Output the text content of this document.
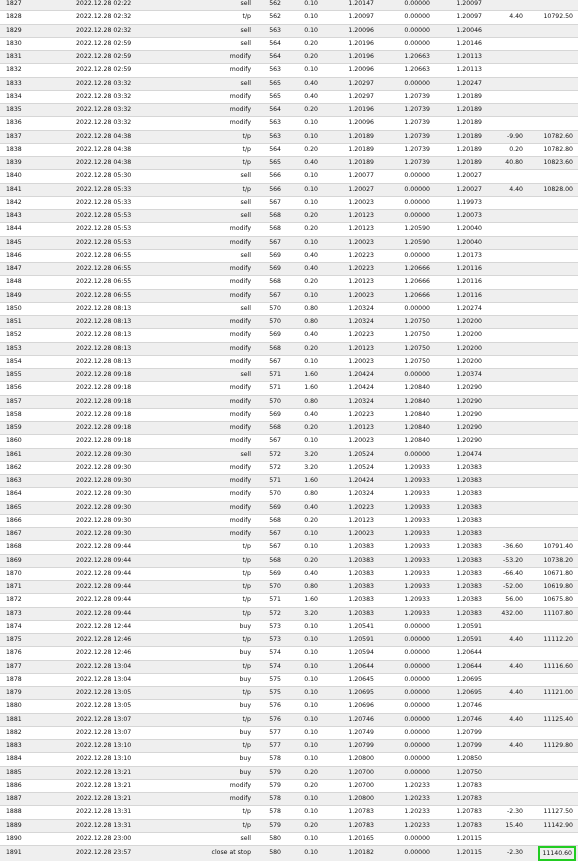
1827	2022.12.28 02:22	sell	562	0.10	1.20147	0.00000	1.20097		
1828	2022.12.28 02:32	t/p	562	0.10	1.20097	0.00000	1.20097	4.40	10792.50
1829	2022.12.28 02:32	sell	563	0.10	1.20096	0.00000	1.20046		
1830	2022.12.28 02:59	sell	564	0.20	1.20196	0.00000	1.20146		
1831	2022.12.28 02:59	modify	564	0.20	1.20196	1.20663	1.20113		
1832	2022.12.28 02:59	modify	563	0.10	1.20096	1.20663	1.20113		
1833	2022.12.28 03:32	sell	565	0.40	1.20297	0.00000	1.20247		
1834	2022.12.28 03:32	modify	565	0.40	1.20297	1.20739	1.20189		
1835	2022.12.28 03:32	modify	564	0.20	1.20196	1.20739	1.20189		
1836	2022.12.28 03:32	modify	563	0.10	1.20096	1.20739	1.20189		
1837	2022.12.28 04:38	t/p	563	0.10	1.20189	1.20739	1.20189	-9.90	10782.60
1838	2022.12.28 04:38	t/p	564	0.20	1.20189	1.20739	1.20189	0.20	10782.80
1839	2022.12.28 04:38	t/p	565	0.40	1.20189	1.20739	1.20189	40.80	10823.60
1840	2022.12.28 05:30	sell	566	0.10	1.20077	0.00000	1.20027		
1841	2022.12.28 05:33	t/p	566	0.10	1.20027	0.00000	1.20027	4.40	10828.00
1842	2022.12.28 05:33	sell	567	0.10	1.20023	0.00000	1.19973		
1843	2022.12.28 05:53	sell	568	0.20	1.20123	0.00000	1.20073		
1844	2022.12.28 05:53	modify	568	0.20	1.20123	1.20590	1.20040		
1845	2022.12.28 05:53	modify	567	0.10	1.20023	1.20590	1.20040		
1846	2022.12.28 06:55	sell	569	0.40	1.20223	0.00000	1.20173		
1847	2022.12.28 06:55	modify	569	0.40	1.20223	1.20666	1.20116		
1848	2022.12.28 06:55	modify	568	0.20	1.20123	1.20666	1.20116		
1849	2022.12.28 06:55	modify	567	0.10	1.20023	1.20666	1.20116		
1850	2022.12.28 08:13	sell	570	0.80	1.20324	0.00000	1.20274		
1851	2022.12.28 08:13	modify	570	0.80	1.20324	1.20750	1.20200		
1852	2022.12.28 08:13	modify	569	0.40	1.20223	1.20750	1.20200		
1853	2022.12.28 08:13	modify	568	0.20	1.20123	1.20750	1.20200		
1854	2022.12.28 08:13	modify	567	0.10	1.20023	1.20750	1.20200		
1855	2022.12.28 09:18	sell	571	1.60	1.20424	0.00000	1.20374		
1856	2022.12.28 09:18	modify	571	1.60	1.20424	1.20840	1.20290		
1857	2022.12.28 09:18	modify	570	0.80	1.20324	1.20840	1.20290		
1858	2022.12.28 09:18	modify	569	0.40	1.20223	1.20840	1.20290		
1859	2022.12.28 09:18	modify	568	0.20	1.20123	1.20840	1.20290		
1860	2022.12.28 09:18	modify	567	0.10	1.20023	1.20840	1.20290		
1861	2022.12.28 09:30	sell	572	3.20	1.20524	0.00000	1.20474		
1862	2022.12.28 09:30	modify	572	3.20	1.20524	1.20933	1.20383		
1863	2022.12.28 09:30	modify	571	1.60	1.20424	1.20933	1.20383		
1864	2022.12.28 09:30	modify	570	0.80	1.20324	1.20933	1.20383		
1865	2022.12.28 09:30	modify	569	0.40	1.20223	1.20933	1.20383		
1866	2022.12.28 09:30	modify	568	0.20	1.20123	1.20933	1.20383		
1867	2022.12.28 09:30	modify	567	0.10	1.20023	1.20933	1.20383		
1868	2022.12.28 09:44	t/p	567	0.10	1.20383	1.20933	1.20383	-36.60	10791.40
1869	2022.12.28 09:44	t/p	568	0.20	1.20383	1.20933	1.20383	-53.20	10738.20
1870	2022.12.28 09:44	t/p	569	0.40	1.20383	1.20933	1.20383	-66.40	10671.80
1871	2022.12.28 09:44	t/p	570	0.80	1.20383	1.20933	1.20383	-52.00	10619.80
1872	2022.12.28 09:44	t/p	571	1.60	1.20383	1.20933	1.20383	56.00	10675.80
1873	2022.12.28 09:44	t/p	572	3.20	1.20383	1.20933	1.20383	432.00	11107.80
1874	2022.12.28 12:44	buy	573	0.10	1.20541	0.00000	1.20591		
1875	2022.12.28 12:46	t/p	573	0.10	1.20591	0.00000	1.20591	4.40	11112.20
1876	2022.12.28 12:46	buy	574	0.10	1.20594	0.00000	1.20644		
1877	2022.12.28 13:04	t/p	574	0.10	1.20644	0.00000	1.20644	4.40	11116.60
1878	2022.12.28 13:04	buy	575	0.10	1.20645	0.00000	1.20695		
1879	2022.12.28 13:05	t/p	575	0.10	1.20695	0.00000	1.20695	4.40	11121.00
1880	2022.12.28 13:05	buy	576	0.10	1.20696	0.00000	1.20746		
1881	2022.12.28 13:07	t/p	576	0.10	1.20746	0.00000	1.20746	4.40	11125.40
1882	2022.12.28 13:07	buy	577	0.10	1.20749	0.00000	1.20799		
1883	2022.12.28 13:10	t/p	577	0.10	1.20799	0.00000	1.20799	4.40	11129.80
1884	2022.12.28 13:10	buy	578	0.10	1.20800	0.00000	1.20850		
1885	2022.12.28 13:21	buy	579	0.20	1.20700	0.00000	1.20750		
1886	2022.12.28 13:21	modify	579	0.20	1.20700	1.20233	1.20783		
1887	2022.12.28 13:21	modify	578	0.10	1.20800	1.20233	1.20783		
1888	2022.12.28 13:31	t/p	578	0.10	1.20783	1.20233	1.20783	-2.30	11127.50
1889	2022.12.28 13:31	t/p	579	0.20	1.20783	1.20233	1.20783	15.40	11142.90
1890	2022.12.28 23:00	sell	580	0.10	1.20165	0.00000	1.20115		
1891	2022.12.28 23:57	close at stop	580	0.10	1.20182	0.00000	1.20115	-2.30	11140.60
